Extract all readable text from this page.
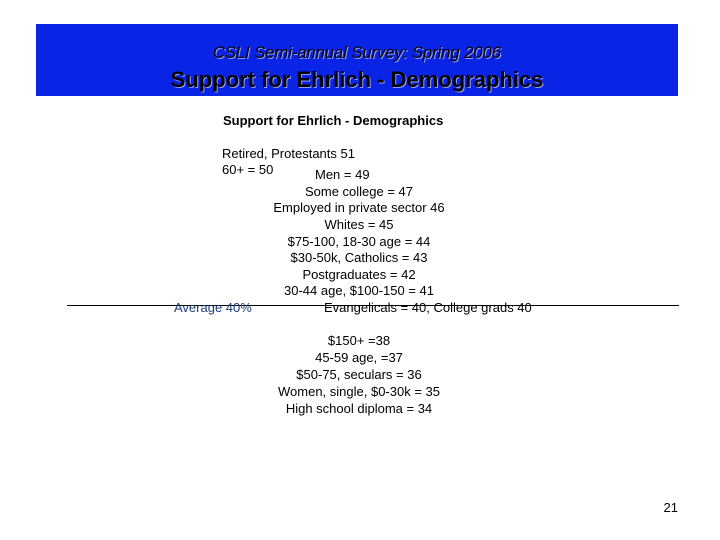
CSLI Semi-annual Survey: Spring 2006
Support for Ehrlich - Demographics
Support for Ehrlich - Demographics
Retired, Protestants 51
60+ = 50	Men = 49
Some college = 47
Employed in private sector 46
Whites = 45
$75-100, 18-30 age = 44
$30-50k, Catholics = 43
Postgraduates = 42
30-44 age, $100-150 = 41
Average 40%	Evangelicals = 40, College grads 40
$150+ =38
45-59 age, =37
$50-75, seculars = 36
Women, single, $0-30k = 35
High school diploma = 34
21
